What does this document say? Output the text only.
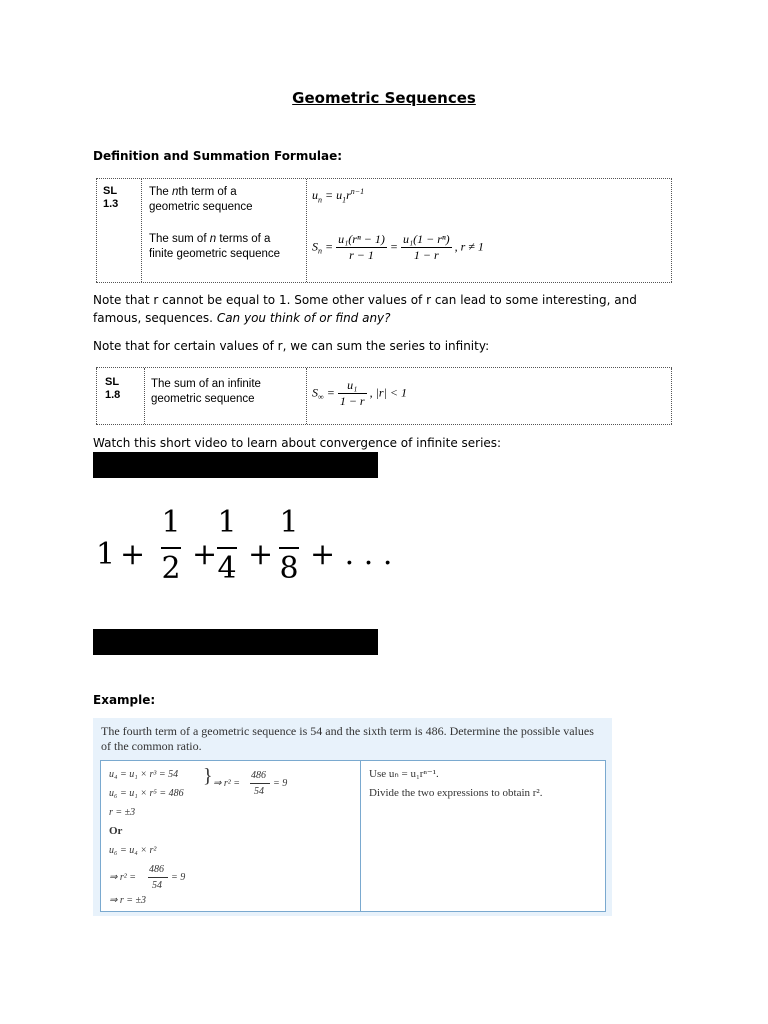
Geometric Sequences
Definition and Summation Formulae:
SL
1.3
The nth term of a
geometric sequence
The sum of n terms of a
finite geometric sequence
$u_n = u_1r^{n-1}$
$S_n = \frac{\text{u₁(rⁿ − 1)}}{r - 1} = \frac{\text{u₁(1 − rⁿ)}}{1 - r}$ , r ≠ 1
Note that r cannot be equal to 1. Some other values of r can lead to some interesting, and famous, sequences. Can you think of or find any?
Note that for certain values of r, we can sum the series to infinity:
SL
1.8
The sum of an infinite
geometric sequence	$S_\infty = \frac{\text{u₁}}{1 - r}$ , |r| < 1
Watch this short video to learn about convergence of infinite series:
1 +
1
2 +
1
4 +
1
8 + . . .
Example:
The fourth term of a geometric sequence is 54 and the sixth term is 486. Determine the possible values of the common ratio.
u₄ = u₁ × r³ = 54
u₆ = u₁ × r⁵ = 486
} ⇒ r² =
486
54
= 9
r = ±3
Or
u₆ = u₄ × r²
⇒ r² =
486
54
= 9
⇒ r = ±3
Use uₙ = u₁rⁿ⁻¹.
Divide the two expressions to obtain r².
